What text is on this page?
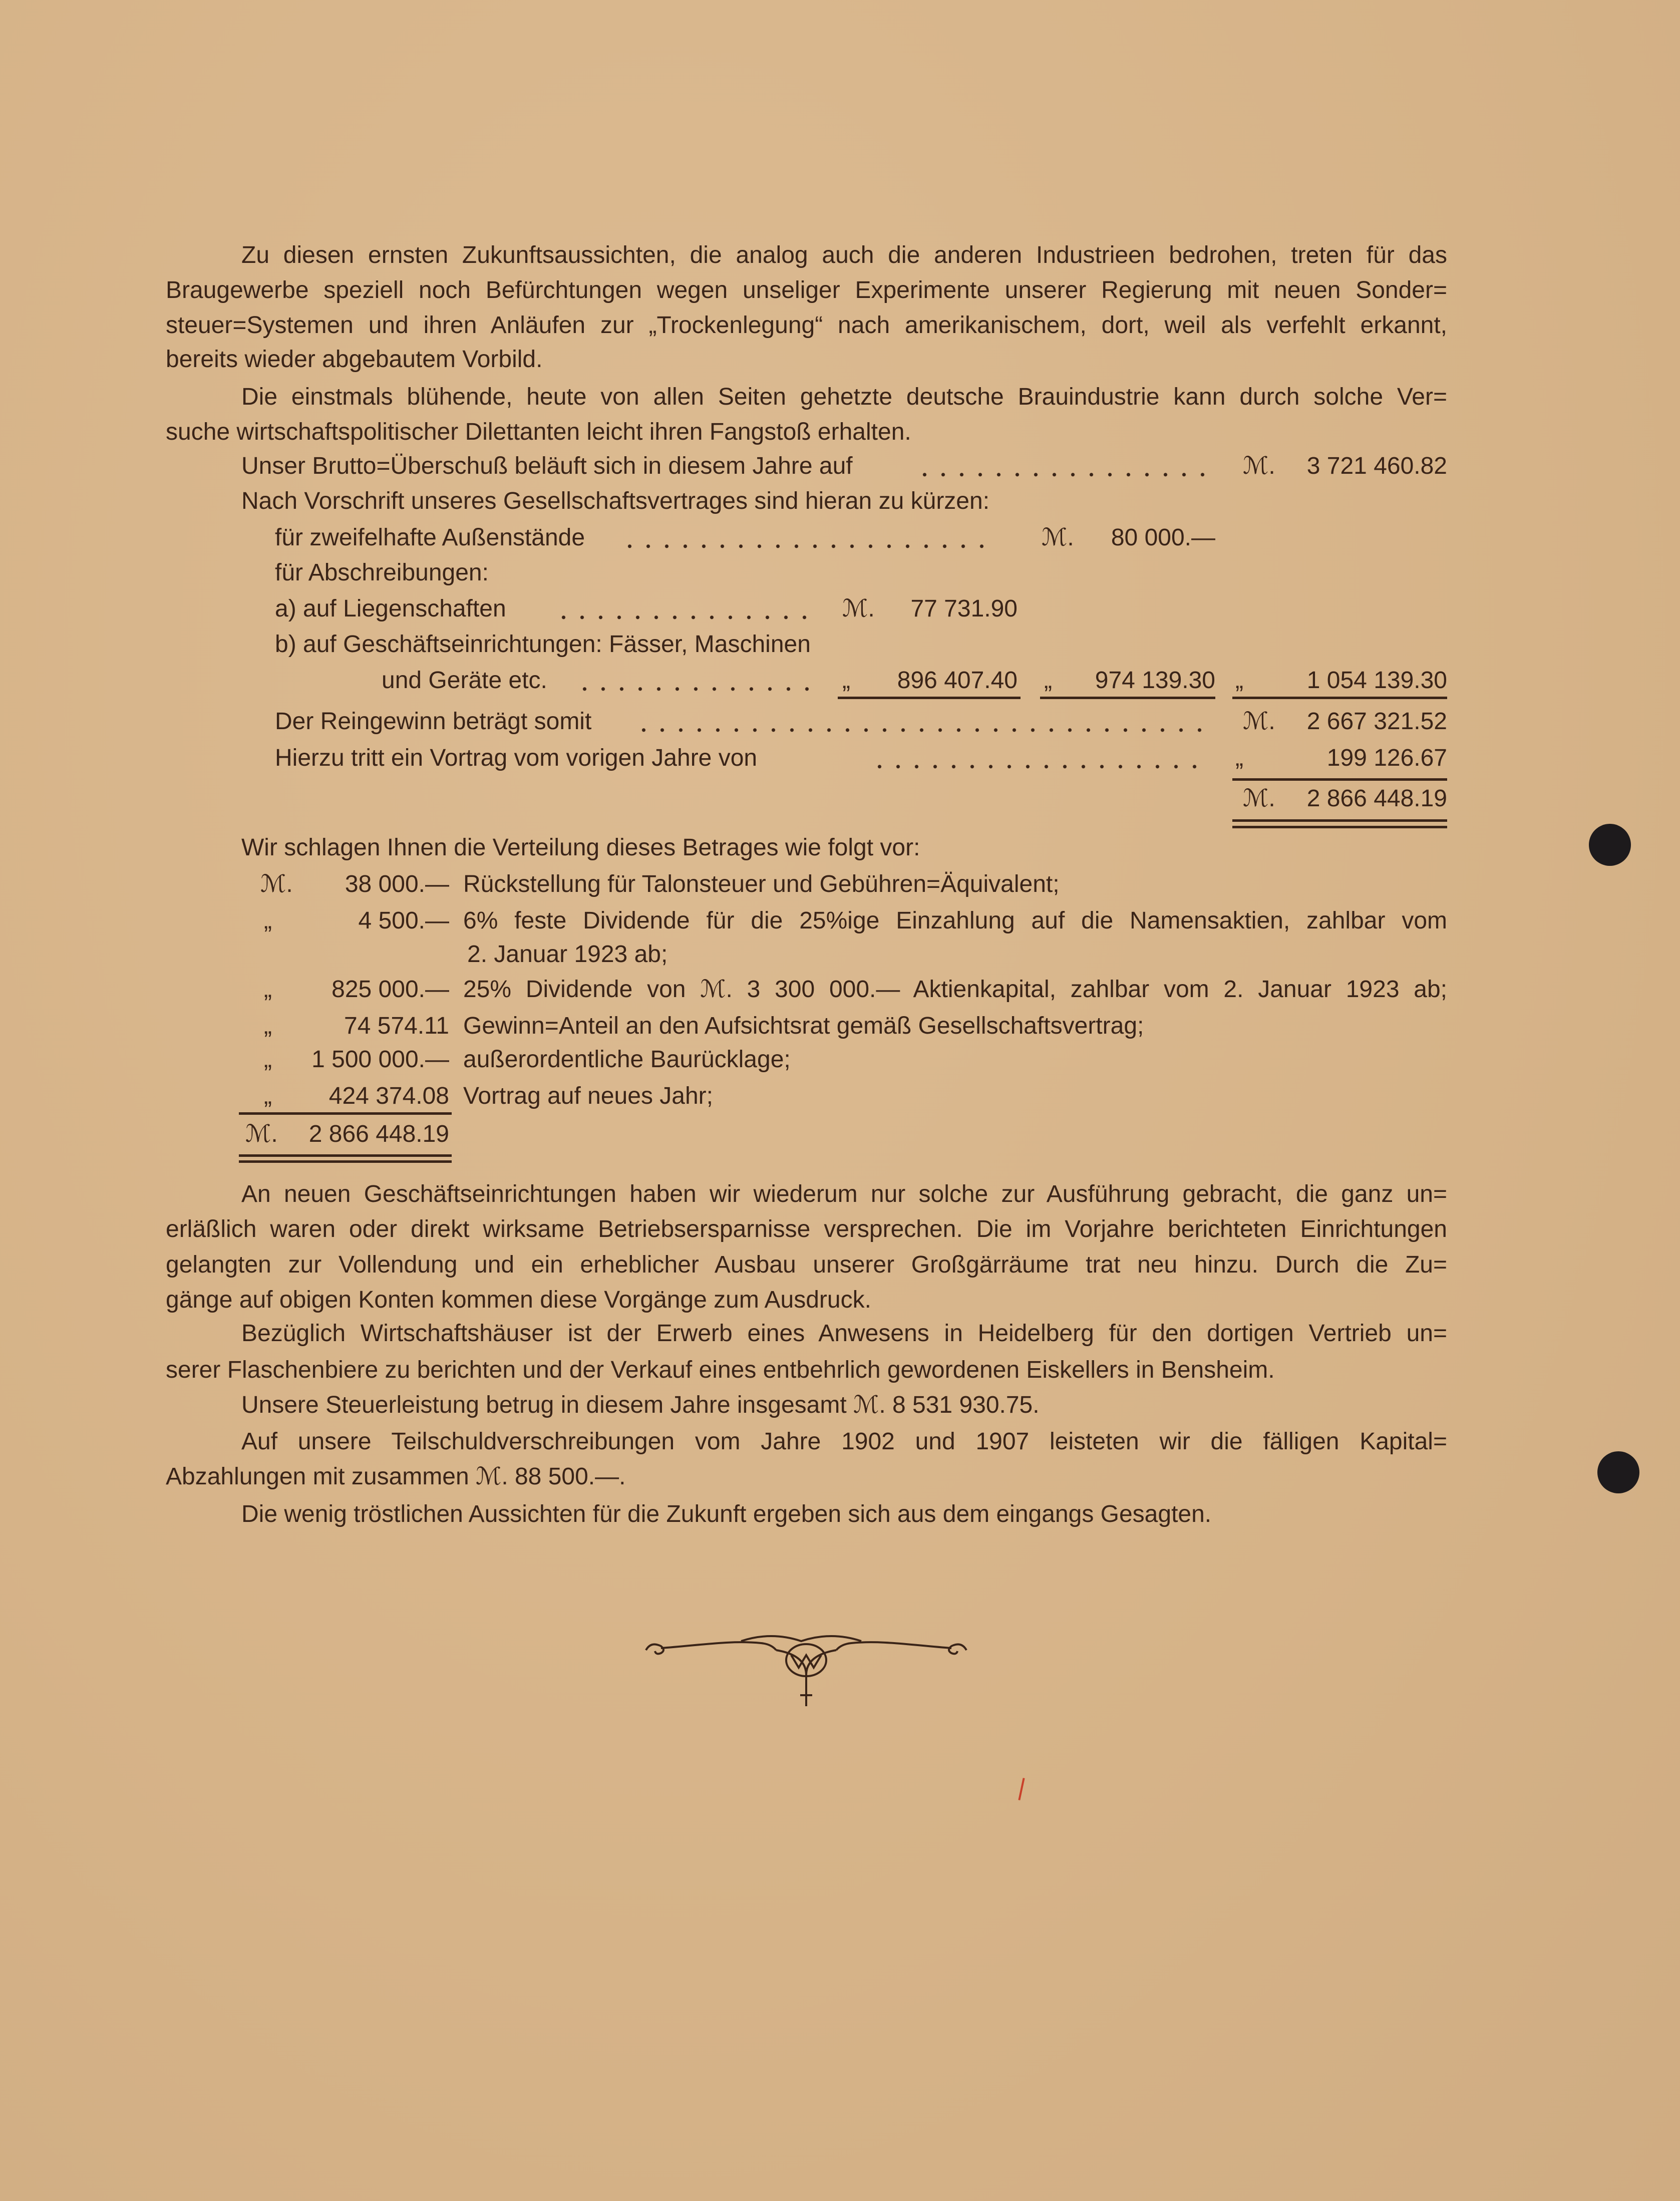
Zu diesen ernsten Zukunftsaussichten, die analog auch die anderen Industrieen bedrohen, treten für das
Braugewerbe speziell noch Befürchtungen wegen unseliger Experimente unserer Regierung mit neuen Sonder=
steuer=Systemen und ihren Anläufen zur „Trockenlegung“ nach amerikanischem, dort, weil als verfehlt erkannt,
bereits wieder abgebautem Vorbild.
Die einstmals blühende, heute von allen Seiten gehetzte deutsche Brauindustrie kann durch solche Ver=
suche wirtschaftspolitischer Dilettanten leicht ihren Fangstoß erhalten.
Unser Brutto=Überschuß beläuft sich in diesem Jahre auf	ℳ. 3 721 460.82
Nach Vorschrift unseres Gesellschaftsvertrages sind hieran zu kürzen:
für zweifelhafte Außenstände	ℳ. 80 000.—
für Abschreibungen:
a) auf Liegenschaften	ℳ. 77 731.90
b) auf Geschäftseinrichtungen: Fässer, Maschinen
und Geräte etc.	„ 896 407.40 „ 974 139.30 „	1 054 139.30
Der Reingewinn beträgt somit	ℳ. 2 667 321.52
Hierzu tritt ein Vortrag vom vorigen Jahre von	„	199 126.67
ℳ. 2 866 448.19
Wir schlagen Ihnen die Verteilung dieses Betrages wie folgt vor:
ℳ. 38 000.— Rückstellung für Talonsteuer und Gebühren=Äquivalent;
„	4 500.— 6% feste Dividende für die 25%ige Einzahlung auf die Namensaktien, zahlbar vom
2. Januar 1923 ab;
„ 825 000.— 25% Dividende von ℳ. 3 300 000.— Aktienkapital, zahlbar vom 2. Januar 1923 ab;
„	74 574.11 Gewinn=Anteil an den Aufsichtsrat gemäß Gesellschaftsvertrag;
„ 1 500 000.— außerordentliche Baurücklage;
„ 424 374.08 Vortrag auf neues Jahr;
ℳ. 2 866 448.19
An neuen Geschäftseinrichtungen haben wir wiederum nur solche zur Ausführung gebracht, die ganz un=
erläßlich waren oder direkt wirksame Betriebsersparnisse versprechen. Die im Vorjahre berichteten Einrichtungen
gelangten zur Vollendung und ein erheblicher Ausbau unserer Großgärräume trat neu hinzu. Durch die Zu=
gänge auf obigen Konten kommen diese Vorgänge zum Ausdruck.
Bezüglich Wirtschaftshäuser ist der Erwerb eines Anwesens in Heidelberg für den dortigen Vertrieb un=
serer Flaschenbiere zu berichten und der Verkauf eines entbehrlich gewordenen Eiskellers in Bensheim.
Unsere Steuerleistung betrug in diesem Jahre insgesamt ℳ. 8 531 930.75.
Auf unsere Teilschuldverschreibungen vom Jahre 1902 und 1907 leisteten wir die fälligen Kapital=
Abzahlungen mit zusammen ℳ. 88 500.—.
Die wenig tröstlichen Aussichten für die Zukunft ergeben sich aus dem eingangs Gesagten.
